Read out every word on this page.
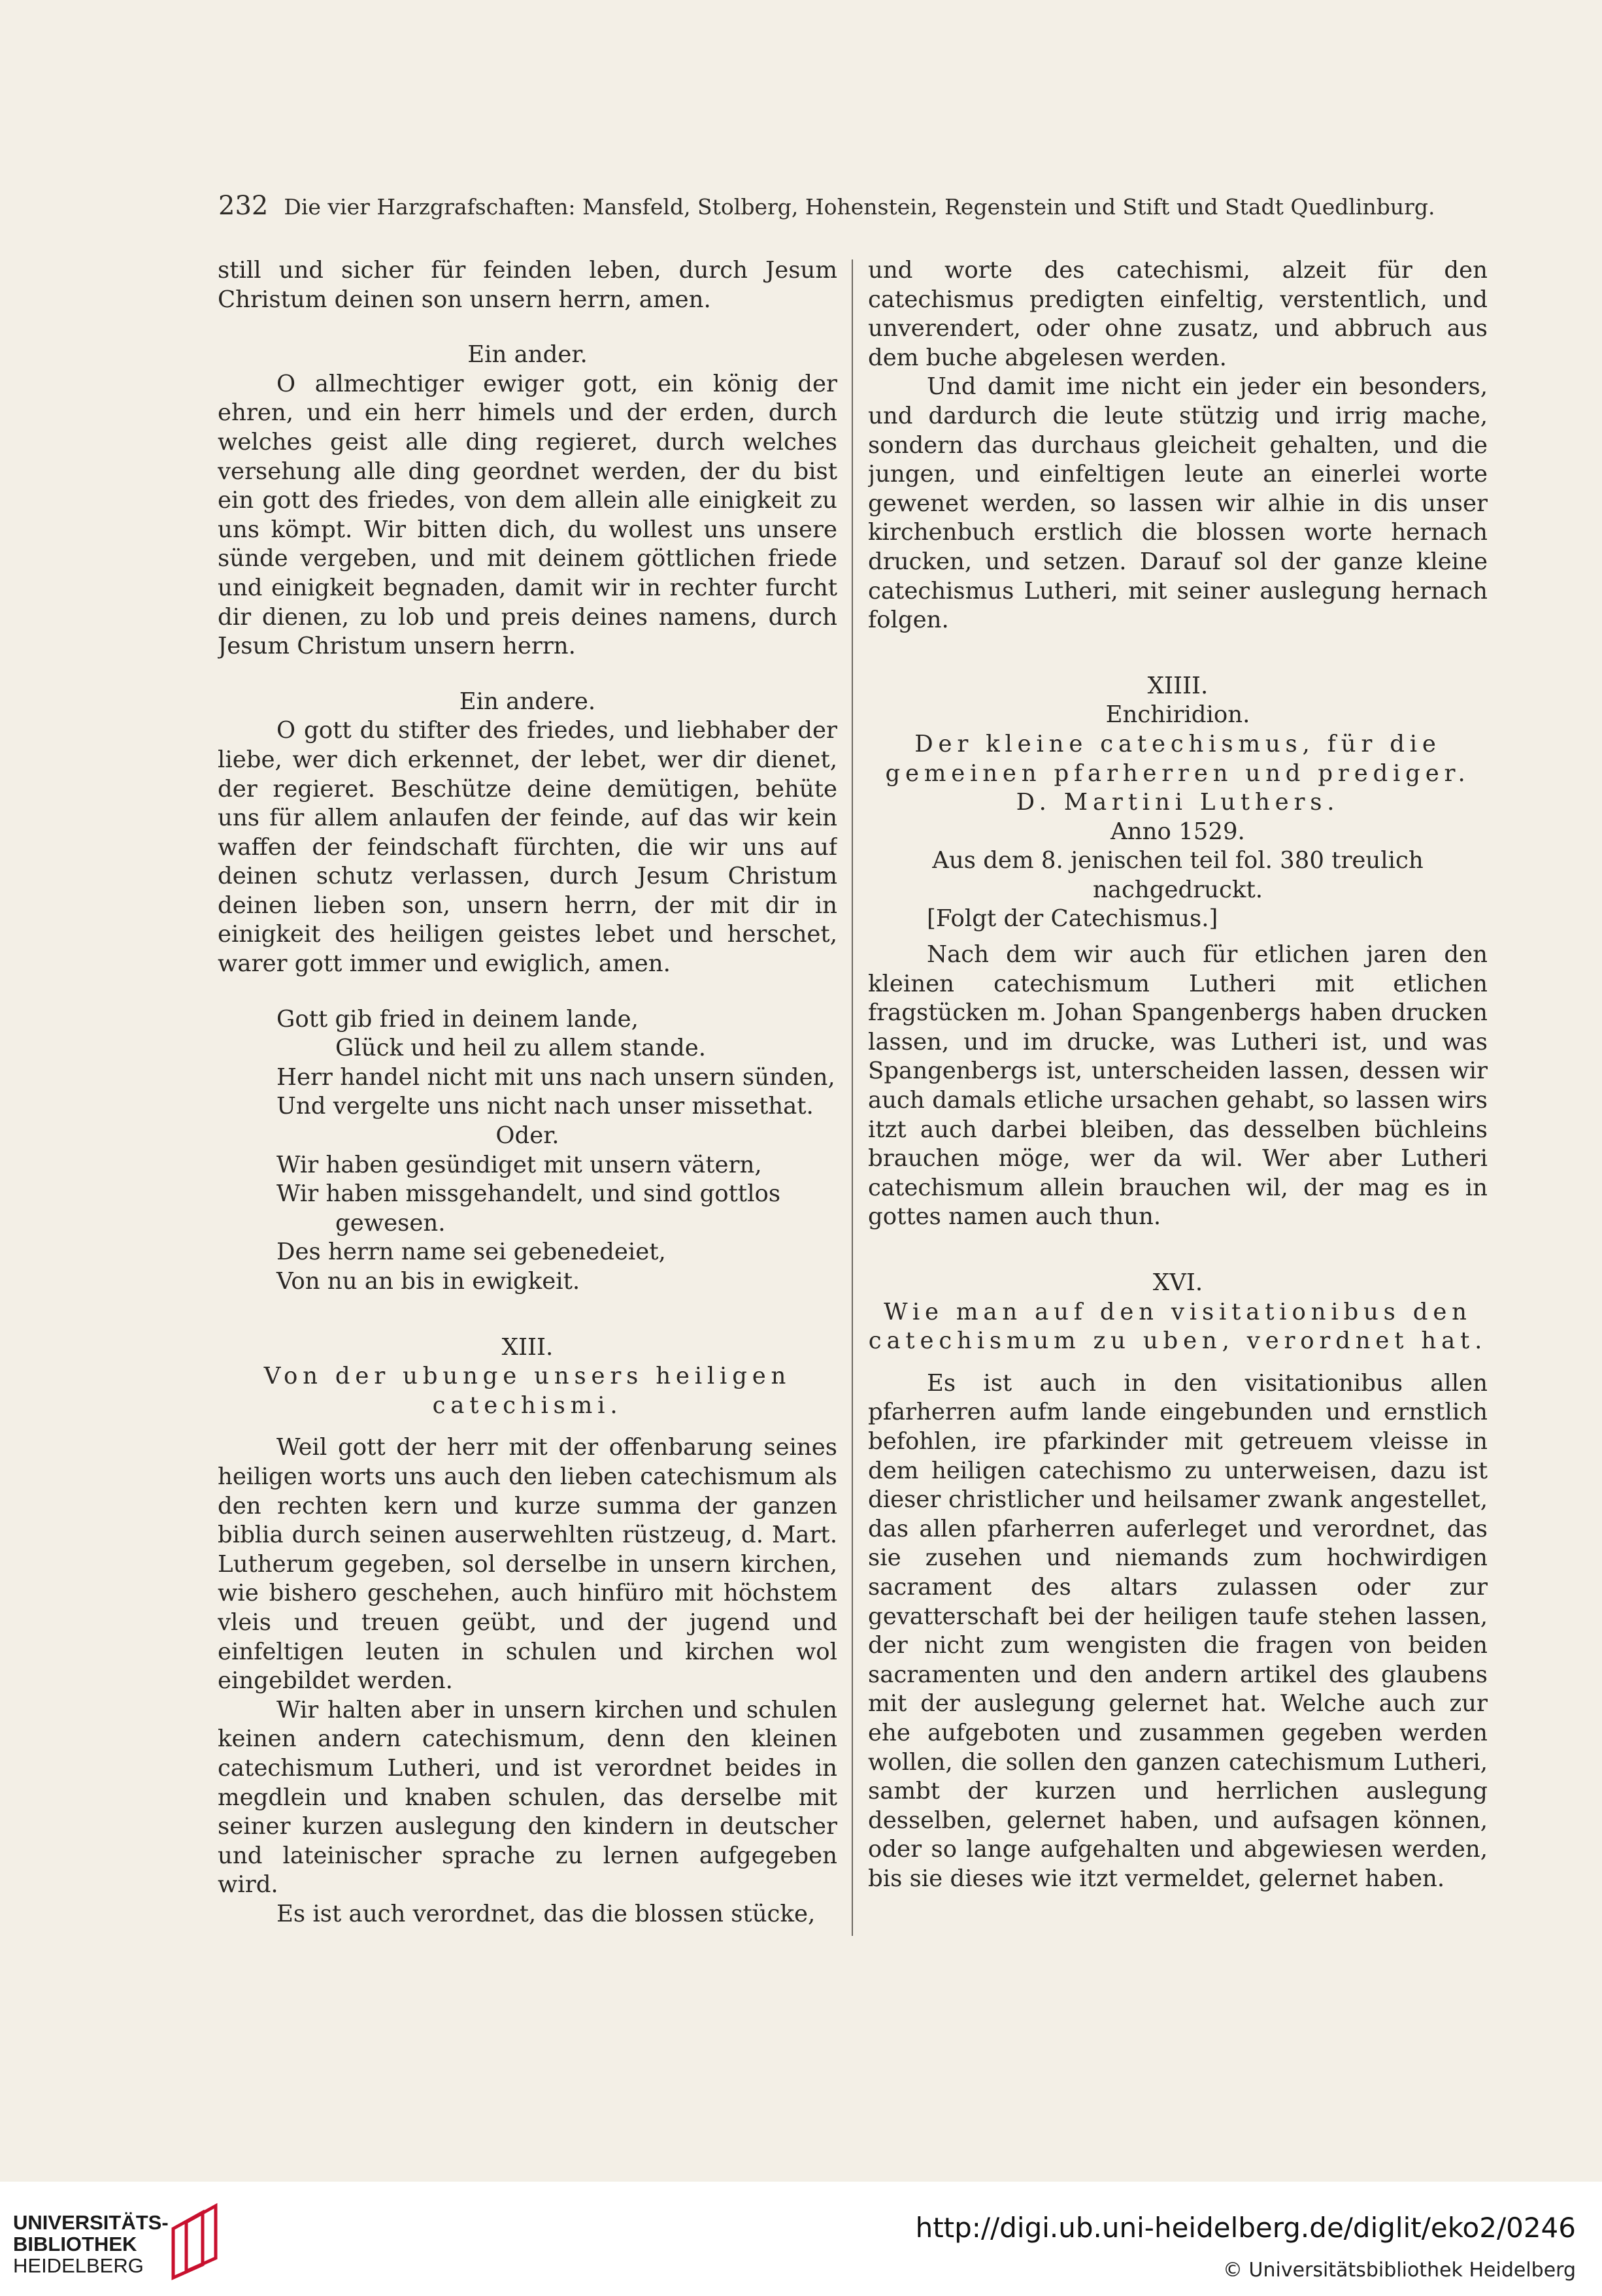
232 Die vier Harzgrafschaften: Mansfeld, Stolberg, Hohenstein, Regenstein und Stift und Stadt Quedlinburg.

still und sicher für feinden leben, durch Jesum Christum deinen son unsern herrn, amen.

Ein ander.

O allmechtiger ewiger gott, ein könig der ehren, und ein herr himels und der erden, durch welches geist alle ding regieret, durch welches versehung alle ding geordnet werden, der du bist ein gott des friedes, von dem allein alle einigkeit zu uns kömpt. Wir bitten dich, du wollest uns unsere sünde vergeben, und mit deinem göttlichen friede und einigkeit begnaden, damit wir in rechter furcht dir dienen, zu lob und preis deines namens, durch Jesum Christum unsern herrn.

Ein andere.

O gott du stifter des friedes, und liebhaber der liebe, wer dich erkennet, der lebet, wer dir dienet, der regieret. Beschütze deine demütigen, behüte uns für allem anlaufen der feinde, auf das wir kein waffen der feindschaft fürchten, die wir uns auf deinen schutz verlassen, durch Jesum Christum deinen lieben son, unsern herrn, der mit dir in einigkeit des heiligen geistes lebet und herschet, warer gott immer und ewiglich, amen.

Gott gib fried in deinem lande,

Glück und heil zu allem stande.

Herr handel nicht mit uns nach unsern sünden,

Und vergelte uns nicht nach unser missethat.

Oder.

Wir haben gesündiget mit unsern vätern,

Wir haben missgehandelt, und sind gottlos

gewesen.

Des herrn name sei gebenedeiet,

Von nu an bis in ewigkeit.

XIII.

Von der ubunge unsers heiligen catechismi.

Weil gott der herr mit der offenbarung seines heiligen worts uns auch den lieben catechismum als den rechten kern und kurze summa der ganzen biblia durch seinen auserwehlten rüstzeug, d. Mart. Lutherum gegeben, sol derselbe in unsern kirchen, wie bishero geschehen, auch hinfüro mit höchstem vleis und treuen geübt, und der jugend und einfeltigen leuten in schulen und kirchen wol eingebildet werden.

Wir halten aber in unsern kirchen und schulen keinen andern catechismum, denn den kleinen catechismum Lutheri, und ist verordnet beides in megdlein und knaben schulen, das derselbe mit seiner kurzen auslegung den kindern in deutscher und lateinischer sprache zu lernen aufgegeben wird.

Es ist auch verordnet, das die blossen stücke,

und worte des catechismi, alzeit für den catechismus predigten einfeltig, verstentlich, und unverendert, oder ohne zusatz, und abbruch aus dem buche abgelesen werden.

Und damit ime nicht ein jeder ein besonders, und dardurch die leute stützig und irrig mache, sondern das durchaus gleicheit gehalten, und die jungen, und einfeltigen leute an einerlei worte gewenet werden, so lassen wir alhie in dis unser kirchenbuch erstlich die blossen worte hernach drucken, und setzen. Darauf sol der ganze kleine catechismus Lutheri, mit seiner auslegung hernach folgen.

XIIII.

Enchiridion.

Der kleine catechismus, für die gemeinen pfarherren und prediger.

D. Martini Luthers.

Anno 1529.

Aus dem 8. jenischen teil fol. 380 treulich nachgedruckt.

[Folgt der Catechismus.]

Nach dem wir auch für etlichen jaren den kleinen catechismum Lutheri mit etlichen fragstücken m. Johan Spangenbergs haben drucken lassen, und im drucke, was Lutheri ist, und was Spangenbergs ist, unterscheiden lassen, dessen wir auch damals etliche ursachen gehabt, so lassen wirs itzt auch darbei bleiben, das desselben büchleins brauchen möge, wer da wil. Wer aber Lutheri catechismum allein brauchen wil, der mag es in gottes namen auch thun.

XVI.

Wie man auf den visitationibus den catechismum zu uben, verordnet hat.

Es ist auch in den visitationibus allen pfarherren aufm lande eingebunden und ernstlich befohlen, ire pfarkinder mit getreuem vleisse in dem heiligen catechismo zu unterweisen, dazu ist dieser christlicher und heilsamer zwank angestellet, das allen pfarherren auferleget und verordnet, das sie zusehen und niemands zum hochwirdigen sacrament des altars zulassen oder zur gevatterschaft bei der heiligen taufe stehen lassen, der nicht zum wengisten die fragen von beiden sacramenten und den andern artikel des glaubens mit der auslegung gelernet hat. Welche auch zur ehe aufgeboten und zusammen gegeben werden wollen, die sollen den ganzen catechismum Lutheri, sambt der kurzen und herrlichen auslegung desselben, gelernet haben, und aufsagen können, oder so lange aufgehalten und abgewiesen werden, bis sie dieses wie itzt vermeldet, gelernet haben.

UNIVERSITÄTS-
BIBLIOTHEK
HEIDELBERG
http://digi.ub.uni-heidelberg.de/diglit/eko2/0246
© Universitätsbibliothek Heidelberg
